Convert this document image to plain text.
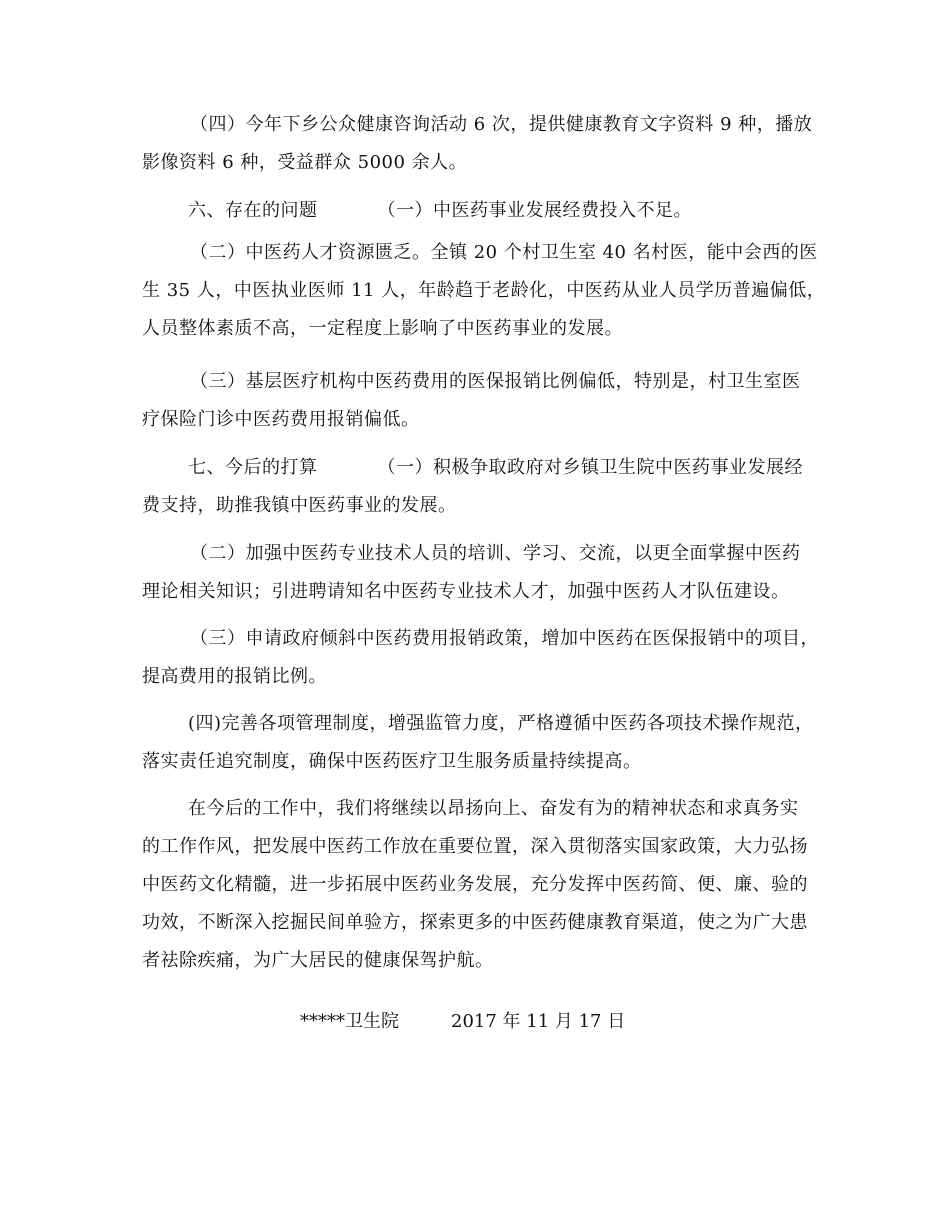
（四）今年下乡公众健康咨询活动 6 次，提供健康教育文字资料 9 种，播放
影像资料 6 种，受益群众 5000 余人。
六、存在的问题	（一）中医药事业发展经费投入不足。
（二）中医药人才资源匮乏。全镇 20 个村卫生室 40 名村医，能中会西的医
生 35 人，中医执业医师 11 人，年龄趋于老龄化，中医药从业人员学历普遍偏低，
人员整体素质不高，一定程度上影响了中医药事业的发展。
（三）基层医疗机构中医药费用的医保报销比例偏低，特别是，村卫生室医
疗保险门诊中医药费用报销偏低。
七、今后的打算	（一）积极争取政府对乡镇卫生院中医药事业发展经
费支持，助推我镇中医药事业的发展。
（二）加强中医药专业技术人员的培训、学习、交流，以更全面掌握中医药
理论相关知识；引进聘请知名中医药专业技术人才，加强中医药人才队伍建设。
（三）申请政府倾斜中医药费用报销政策，增加中医药在医保报销中的项目，
提高费用的报销比例。
(四)完善各项管理制度，增强监管力度，严格遵循中医药各项技术操作规范，
落实责任追究制度，确保中医药医疗卫生服务质量持续提高。
在今后的工作中，我们将继续以昂扬向上、奋发有为的精神状态和求真务实
的工作作风，把发展中医药工作放在重要位置，深入贯彻落实国家政策，大力弘扬
中医药文化精髓，进一步拓展中医药业务发展，充分发挥中医药简、便、廉、验的
功效，不断深入挖掘民间单验方，探索更多的中医药健康教育渠道，使之为广大患
者祛除疾痛，为广大居民的健康保驾护航。
*****卫生院	2017 年 11 月 17 日
